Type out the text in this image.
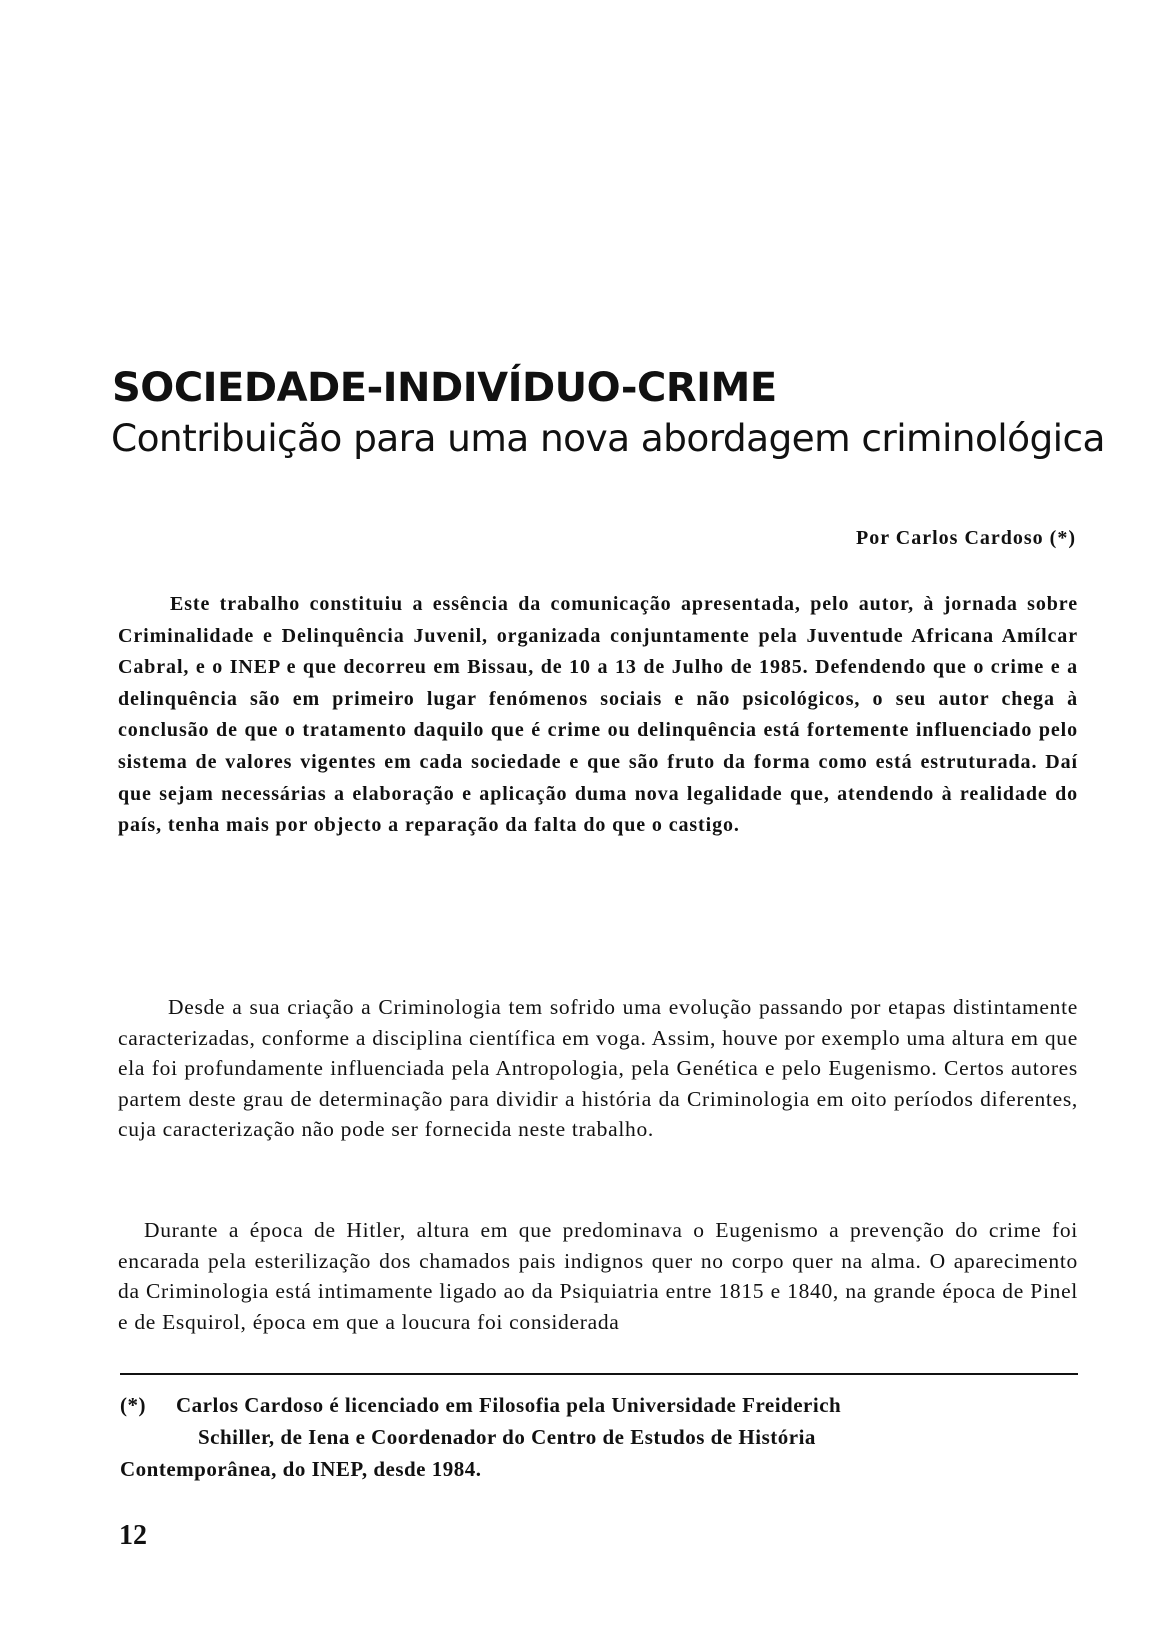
SOCIEDADE-INDIVÍDUO-CRIME
Contribuição para uma nova abordagem criminológica
Por Carlos Cardoso (*)

Este trabalho constituiu a essência da comunicação apresentada, pelo autor, à jornada sobre Criminalidade e Delinquência Juvenil, organizada conjuntamente pela Juventude Africana Amílcar Cabral, e o INEP e que decorreu em Bissau, de 10 a 13 de Julho de 1985. Defendendo que o crime e a delinquência são em primeiro lugar fenómenos sociais e não psicológicos, o seu autor chega à conclusão de que o tratamento daquilo que é crime ou delinquência está fortemente influenciado pelo sistema de valores vigentes em cada sociedade e que são fruto da forma como está estruturada. Daí que sejam necessárias a elaboração e aplicação duma nova legalidade que, atendendo à realidade do país, tenha mais por objecto a reparação da falta do que o castigo.

Desde a sua criação a Criminologia tem sofrido uma evolução passando por etapas distintamente caracterizadas, conforme a disciplina científica em voga. Assim, houve por exemplo uma altura em que ela foi profundamente influenciada pela Antropologia, pela Genética e pelo Eugenismo. Certos autores partem deste grau de determinação para dividir a história da Criminologia em oito períodos diferentes, cuja caracterização não pode ser fornecida neste trabalho.

Durante a época de Hitler, altura em que predominava o Eugenismo a prevenção do crime foi encarada pela esterilização dos chamados pais indignos quer no corpo quer na alma. O aparecimento da Criminologia está intimamente ligado ao da Psiquiatria entre 1815 e 1840, na grande época de Pinel e de Esquirol, época em que a loucura foi considerada

(*) Carlos Cardoso é licenciado em Filosofia pela Universidade Freiderich
Schiller, de Iena e Coordenador do Centro de Estudos de História
Contemporânea, do INEP, desde 1984.
12
